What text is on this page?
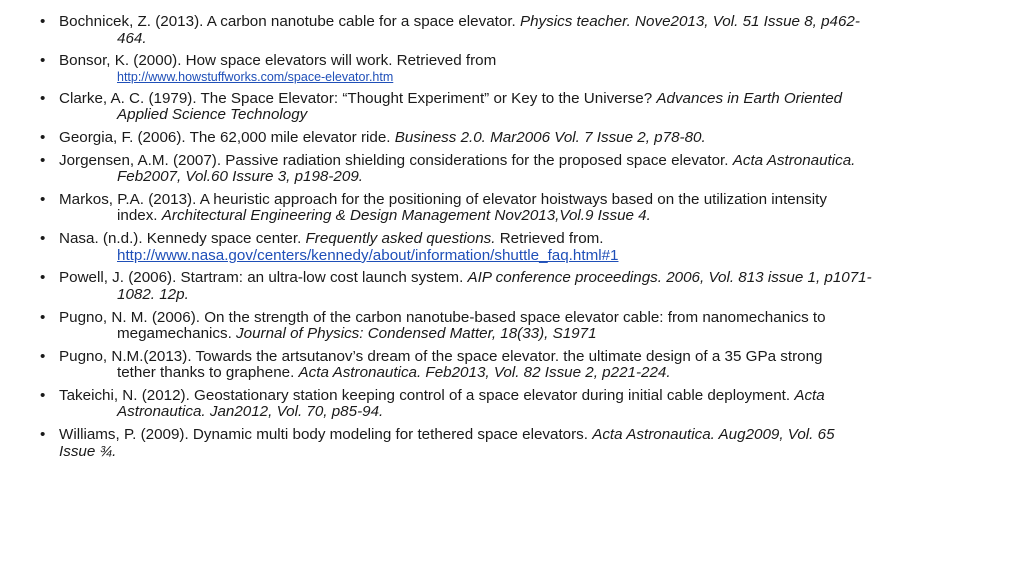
• Bochnicek, Z. (2013). A carbon nanotube cable for a space elevator. Physics teacher. Nove2013, Vol. 51 Issue 8, p462-
464.
• Bonsor, K. (2000). How space elevators will work. Retrieved from
http://www.howstuffworks.com/space-elevator.htm
• Clarke, A. C. (1979). The Space Elevator: “Thought Experiment” or Key to the Universe? Advances in Earth Oriented
Applied Science Technology
• Georgia, F. (2006). The 62,000 mile elevator ride. Business 2.0. Mar2006 Vol. 7 Issue 2, p78-80.
• Jorgensen, A.M. (2007). Passive radiation shielding considerations for the proposed space elevator. Acta Astronautica.
Feb2007, Vol.60 Issure 3, p198-209.
• Markos, P.A. (2013). A heuristic approach for the positioning of elevator hoistways based on the utilization intensity
index. Architectural Engineering & Design Management Nov2013,Vol.9 Issue 4.
• Nasa. (n.d.). Kennedy space center. Frequently asked questions. Retrieved from.
http://www.nasa.gov/centers/kennedy/about/information/shuttle_faq.html#1
• Powell, J. (2006). Startram: an ultra-low cost launch system. AIP conference proceedings. 2006, Vol. 813 issue 1, p1071-
1082. 12p.
• Pugno, N. M. (2006). On the strength of the carbon nanotube-based space elevator cable: from nanomechanics to
megamechanics. Journal of Physics: Condensed Matter, 18(33), S1971
• Pugno, N.M.(2013). Towards the artsutanov’s dream of the space elevator. the ultimate design of a 35 GPa strong
tether thanks to graphene. Acta Astronautica. Feb2013, Vol. 82 Issue 2, p221-224.
• Takeichi, N. (2012). Geostationary station keeping control of a space elevator during initial cable deployment. Acta
Astronautica. Jan2012, Vol. 70, p85-94.
• Williams, P. (2009). Dynamic multi body modeling for tethered space elevators. Acta Astronautica. Aug2009, Vol. 65
Issue ¾.
